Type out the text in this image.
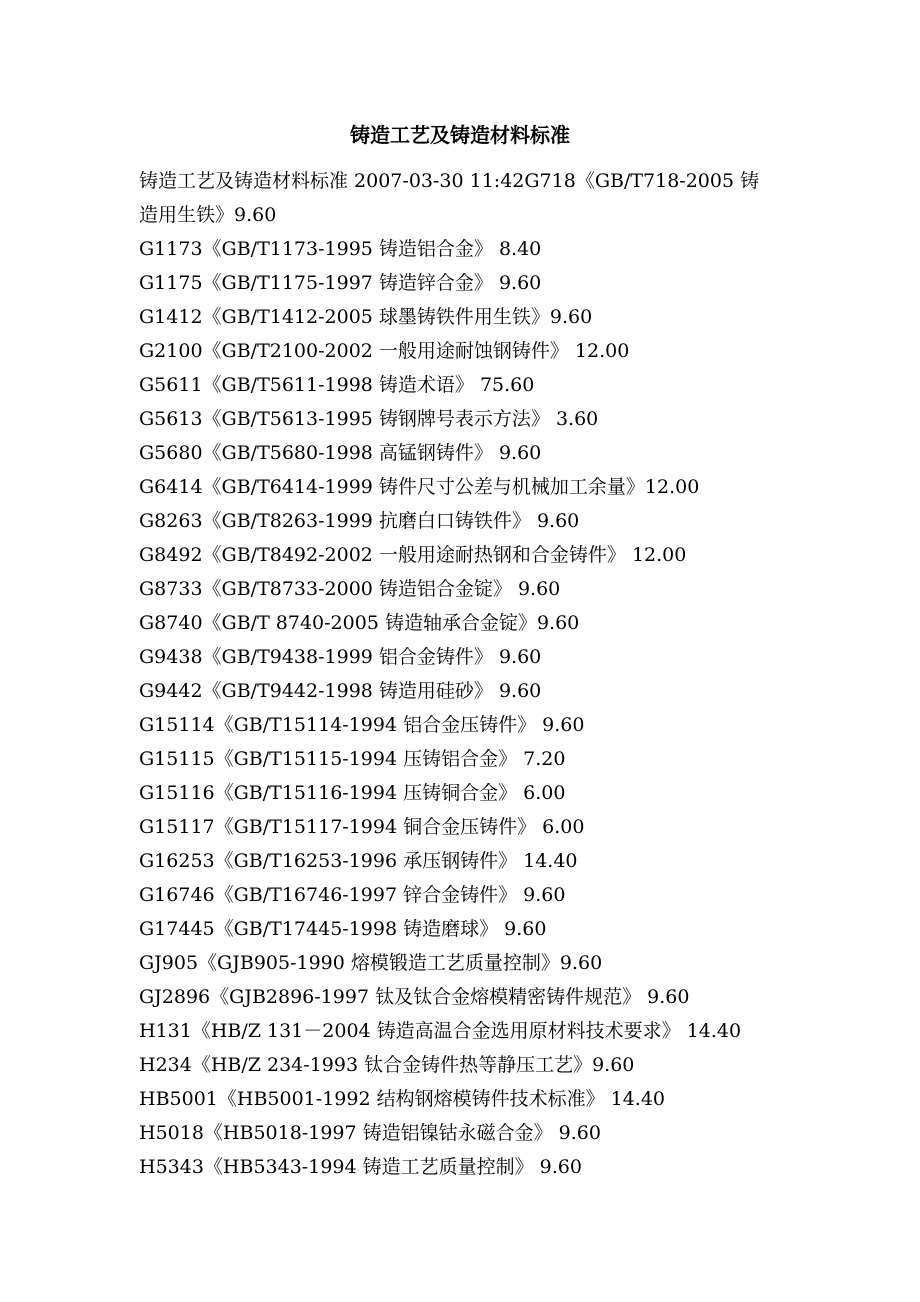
铸造工艺及铸造材料标准

铸造工艺及铸造材料标准 2007-03-30 11:42G718《GB/T718-2005 铸
造用生铁》9.60

G1173《GB/T1173-1995 铸造铝合金》 8.40
G1175《GB/T1175-1997 铸造锌合金》 9.60
G1412《GB/T1412-2005 球墨铸铁件用生铁》9.60
G2100《GB/T2100-2002 一般用途耐蚀钢铸件》 12.00
G5611《GB/T5611-1998 铸造术语》 75.60
G5613《GB/T5613-1995 铸钢牌号表示方法》 3.60
G5680《GB/T5680-1998 高锰钢铸件》 9.60
G6414《GB/T6414-1999 铸件尺寸公差与机械加工余量》12.00
G8263《GB/T8263-1999 抗磨白口铸铁件》 9.60
G8492《GB/T8492-2002 一般用途耐热钢和合金铸件》 12.00
G8733《GB/T8733-2000 铸造铝合金锭》 9.60
G8740《GB/T 8740-2005 铸造轴承合金锭》9.60
G9438《GB/T9438-1999 铝合金铸件》 9.60
G9442《GB/T9442-1998 铸造用硅砂》 9.60
G15114《GB/T15114-1994 铝合金压铸件》 9.60
G15115《GB/T15115-1994 压铸铝合金》 7.20
G15116《GB/T15116-1994 压铸铜合金》 6.00
G15117《GB/T15117-1994 铜合金压铸件》 6.00
G16253《GB/T16253-1996 承压钢铸件》 14.40
G16746《GB/T16746-1997 锌合金铸件》 9.60
G17445《GB/T17445-1998 铸造磨球》 9.60
GJ905《GJB905-1990 熔模锻造工艺质量控制》9.60
GJ2896《GJB2896-1997 钛及钛合金熔模精密铸件规范》 9.60
H131《HB/Z 131－2004 铸造高温合金选用原材料技术要求》 14.40
H234《HB/Z 234-1993 钛合金铸件热等静压工艺》9.60
HB5001《HB5001-1992 结构钢熔模铸件技术标准》 14.40
H5018《HB5018-1997 铸造铝镍钴永磁合金》 9.60
H5343《HB5343-1994 铸造工艺质量控制》 9.60
